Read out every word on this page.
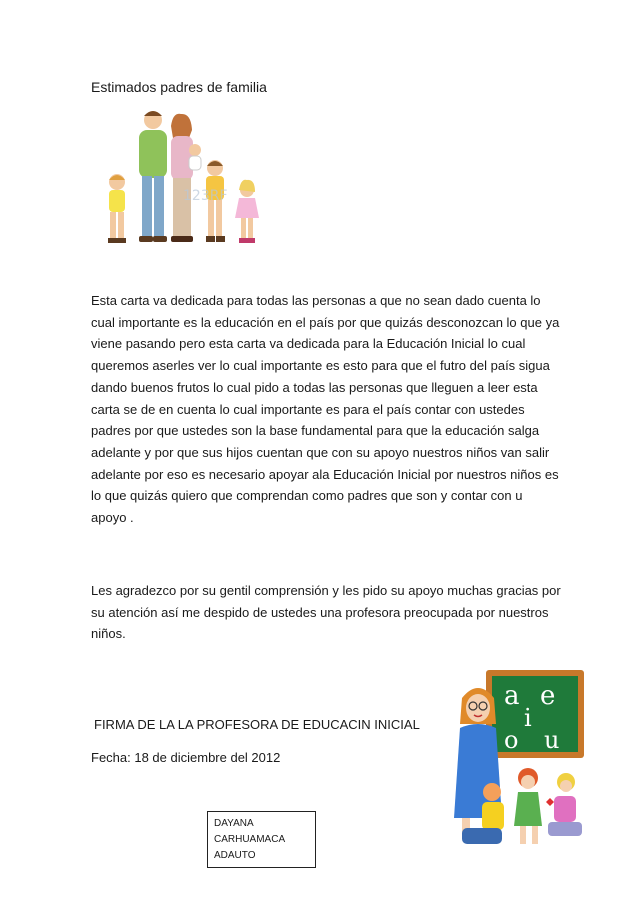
Estimados padres de familia
123RF

Esta carta va dedicada para todas las personas a que no sean dado cuenta lo cual importante es la educación en el país por que quizás desconozcan lo que ya viene pasando pero esta carta va dedicada para la Educación Inicial lo cual queremos aserles ver lo cual importante es esto para que el futro del país sigua dando buenos frutos lo cual pido a todas las personas que lleguen a leer esta carta se de en cuenta lo cual importante es para el país contar con ustedes padres por que ustedes son la base fundamental para que la educación salga adelante y por que sus hijos cuentan que con su apoyo nuestros niños van salir adelante por eso es necesario apoyar ala Educación Inicial por nuestros niños es lo que quizás quiero que comprendan como padres que son y contar con u apoyo .

Les agradezco por su gentil comprensión y les pido su apoyo muchas gracias por su atención así me despido de ustedes una profesora preocupada por nuestros niños.

FIRMA DE LA LA PROFESORA DE EDUCACIN INICIAL
Fecha: 18 de diciembre del 2012
DAYANA
CARHUAMACA
ADAUTO
a e
i
o u
